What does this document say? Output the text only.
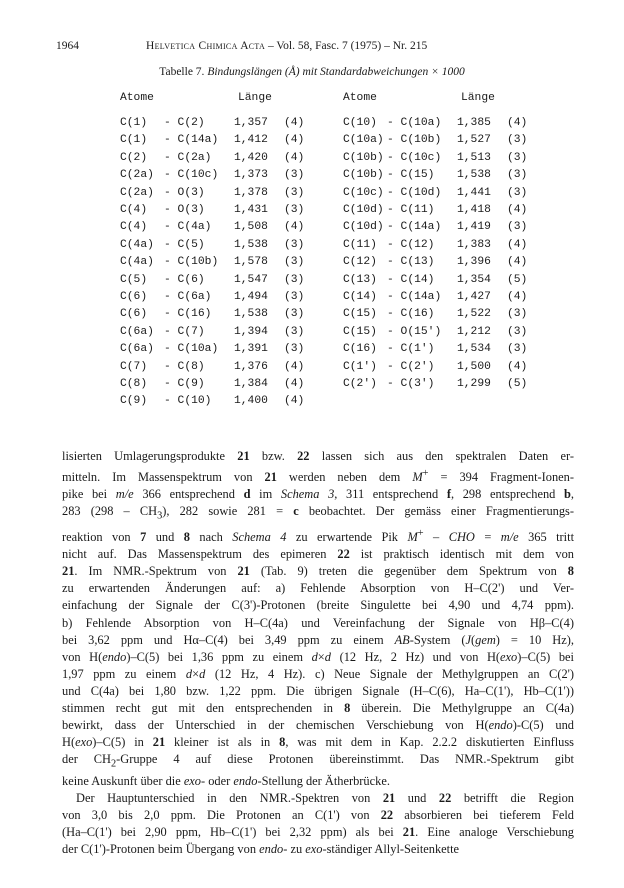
1964	Helvetica Chimica Acta – Vol. 58, Fasc. 7 (1975) – Nr. 215
Tabelle 7. Bindungslängen (Å) mit Standardabweichungen × 1000
Atome	Länge
C(1) - C(2)	1,357 (4)
C(1) - C(14a) 1,412 (4)
C(2) - C(2a) 1,420 (4)
C(2a) - C(10c) 1,373 (3)
C(2a) - O(3)	1,378 (3)
C(4) - O(3)	1,431 (3)
C(4) - C(4a) 1,508 (4)
C(4a) - C(5)	1,538 (3)
C(4a) - C(10b) 1,578 (3)
C(5) - C(6)	1,547 (3)
C(6) - C(6a) 1,494 (3)
C(6) - C(16) 1,538 (3)
C(6a) - C(7)	1,394 (3)
C(6a) - C(10a) 1,391 (3)
C(7) - C(8)	1,376 (4)
C(8) - C(9)	1,384 (4)
C(9) - C(10) 1,400 (4)
Atome	Länge
C(10) - C(10a) 1,385 (4)
C(10a) - C(10b) 1,527 (3)
C(10b) - C(10c) 1,513 (3)
C(10b) - C(15) 1,538 (3)
C(10c) - C(10d) 1,441 (3)
C(10d) - C(11) 1,418 (4)
C(10d) - C(14a) 1,419 (3)
C(11) - C(12) 1,383 (4)
C(12) - C(13) 1,396 (4)
C(13) - C(14) 1,354 (5)
C(14) - C(14a) 1,427 (4)
C(15) - C(16) 1,522 (3)
C(15) - O(15') 1,212 (3)
C(16) - C(1') 1,534 (3)
C(1') - C(2') 1,500 (4)
C(2') - C(3') 1,299 (5)

lisierten Umlagerungsprodukte 21 bzw. 22 lassen sich aus den spektralen Daten er-

mitteln. Im Massenspektrum von 21 werden neben dem M+ = 394 Fragment-Ionen-

pike bei m/e 366 entsprechend d im Schema 3, 311 entsprechend f, 298 entsprechend b,

283 $(298 - CH_3)$, 282 sowie 281 = c beobachtet. Der gemäss einer Fragmentierungs-

reaktion von 7 und 8 nach Schema 4 zu erwartende Pik M+ – CHO = m/e 365 tritt

nicht auf. Das Massenspektrum des epimeren 22 ist praktisch identisch mit dem von

21. Im NMR.-Spektrum von 21 (Tab. 9) treten die gegenüber dem Spektrum von 8

zu erwartenden Änderungen auf: a) Fehlende Absorption von H–C(2') und Ver-

einfachung der Signale der C(3')-Protonen (breite Singulette bei 4,90 und 4,74 ppm).

b) Fehlende Absorption von H–C(4a) und Vereinfachung der Signale von Hβ–C(4)

bei 3,62 ppm und Hα–C(4) bei 3,49 ppm zu einem AB-System (J(gem) = 10 Hz),

von H(endo)–C(5) bei 1,36 ppm zu einem d×d (12 Hz, 2 Hz) und von H(exo)–C(5) bei

1,97 ppm zu einem d×d (12 Hz, 4 Hz). c) Neue Signale der Methylgruppen an C(2')

und C(4a) bei 1,80 bzw. 1,22 ppm. Die übrigen Signale (H–C(6), Ha–C(1'), Hb–C(1'))

stimmen recht gut mit den entsprechenden in 8 überein. Die Methylgruppe an C(4a)

bewirkt, dass der Unterschied in der chemischen Verschiebung von H(endo)-C(5) und

H(exo)–C(5) in 21 kleiner ist als in 8, was mit dem in Kap. 2.2.2 diskutierten Einfluss

der $CH_2$-Gruppe 4 auf diese Protonen übereinstimmt. Das NMR.-Spektrum gibt

keine Auskunft über die exo- oder endo-Stellung der Ätherbrücke.

Der Hauptunterschied in den NMR.-Spektren von 21 und 22 betrifft die Region

von 3,0 bis 2,0 ppm. Die Protonen an C(1') von 22 absorbieren bei tieferem Feld

(Ha–C(1') bei 2,90 ppm, Hb–C(1') bei 2,32 ppm) als bei 21. Eine analoge Verschiebung

der C(1')-Protonen beim Übergang von endo- zu exo-ständiger Allyl-Seitenkette
